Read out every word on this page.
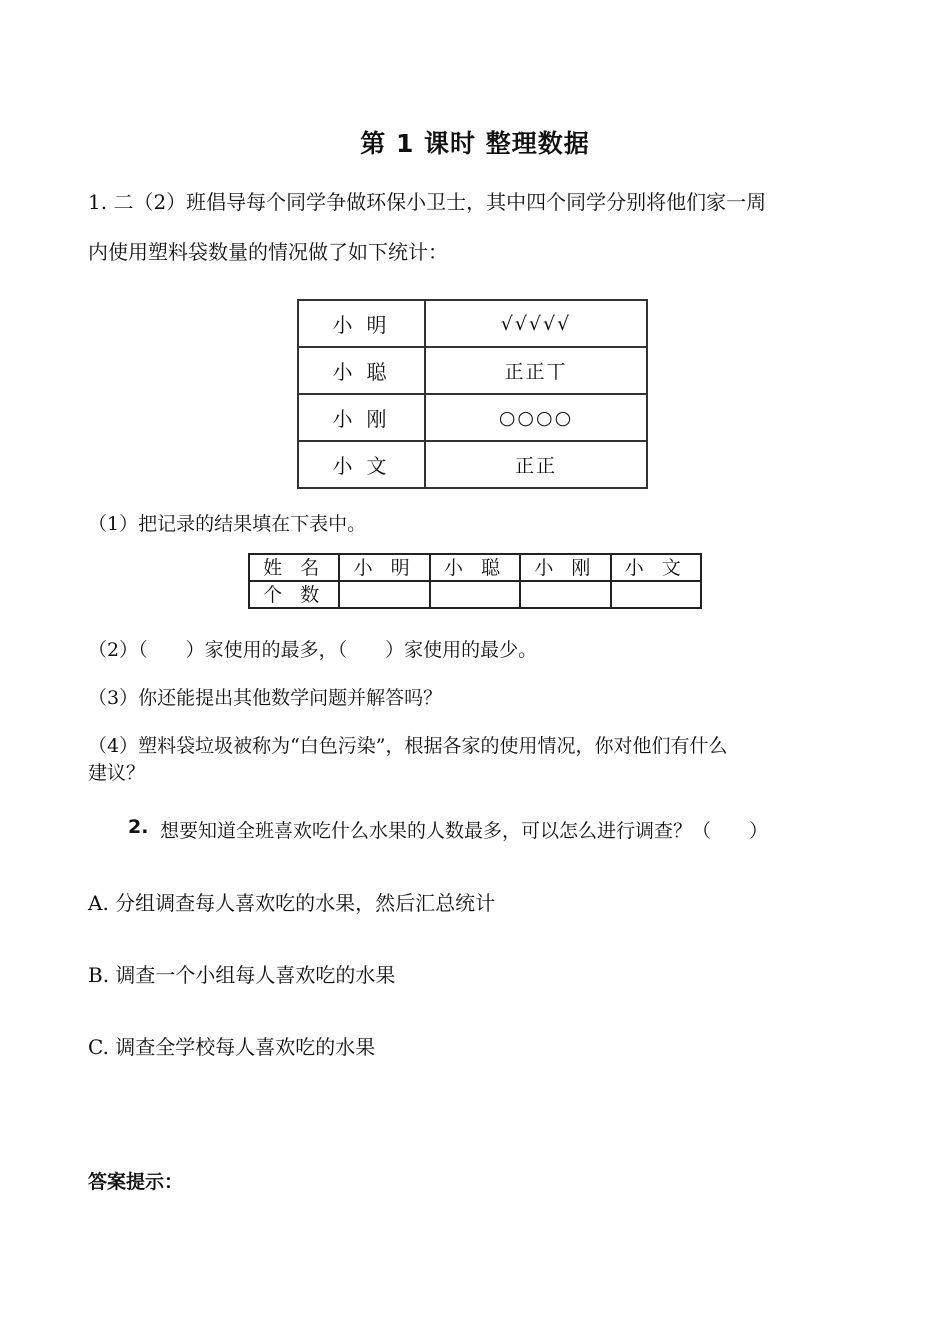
第 1 课时 整理数据
1. 二（2）班倡导每个同学争做环保小卫士，其中四个同学分别将他们家一周
内使用塑料袋数量的情况做了如下统计：
小明	√√√√√
小聪	正正丅
小刚	○○○○
小文	正正
（1）把记录的结果填在下表中。
姓 名	小 明	小 聪	小 刚	小 文
个 数				
（2）（　　）家使用的最多，（　　）家使用的最少。
（3）你还能提出其他数学问题并解答吗？
（4）塑料袋垃圾被称为“白色污染”，根据各家的使用情况，你对他们有什么
建议？
2. 想要知道全班喜欢吃什么水果的人数最多，可以怎么进行调查？（　　）
A. 分组调查每人喜欢吃的水果，然后汇总统计
B. 调查一个小组每人喜欢吃的水果
C. 调查全学校每人喜欢吃的水果
答案提示：
